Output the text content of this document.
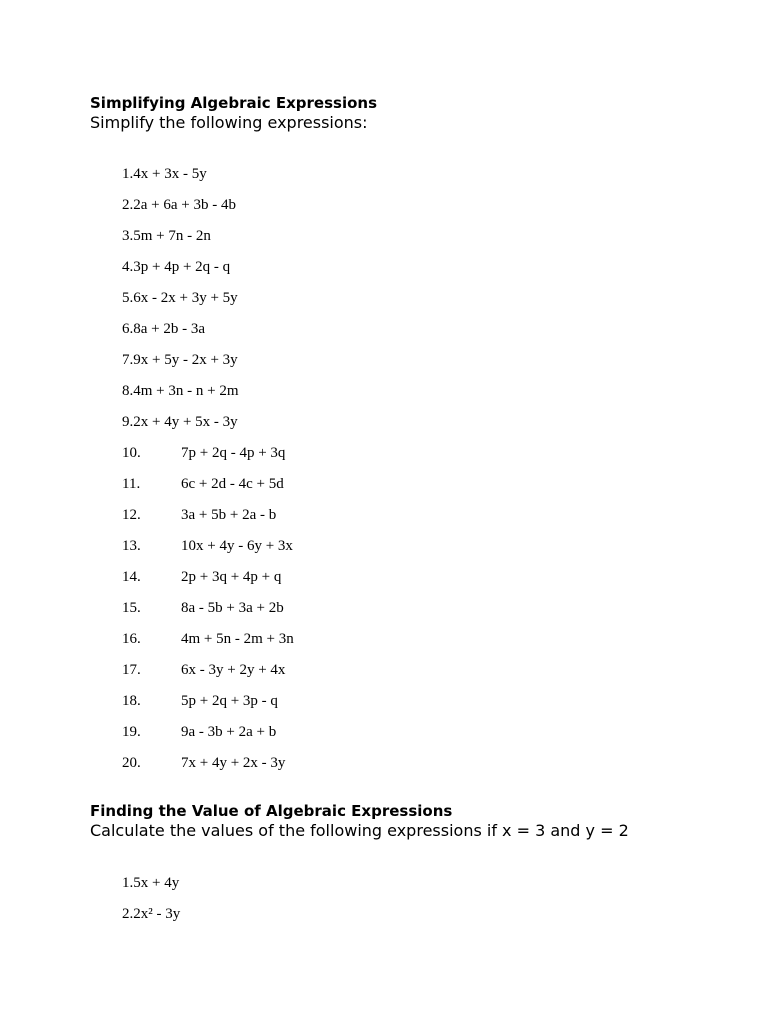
Simplifying Algebraic Expressions
Simplify the following expressions:
1.4x + 3x - 5y
2.2a + 6a + 3b - 4b
3.5m + 7n - 2n
4.3p + 4p + 2q - q
5.6x - 2x + 3y + 5y
6.8a + 2b - 3a
7.9x + 5y - 2x + 3y
8.4m + 3n - n + 2m
9.2x + 4y + 5x - 3y
10.	7p + 2q - 4p + 3q
11.	6c + 2d - 4c + 5d
12.	3a + 5b + 2a - b
13.	10x + 4y - 6y + 3x
14.	2p + 3q + 4p + q
15.	8a - 5b + 3a + 2b
16.	4m + 5n - 2m + 3n
17.	6x - 3y + 2y + 4x
18.	5p + 2q + 3p - q
19.	9a - 3b + 2a + b
20.	7x + 4y + 2x - 3y
Finding the Value of Algebraic Expressions
Calculate the values of the following expressions if x = 3 and y = 2
1.5x + 4y
2.2x² - 3y
